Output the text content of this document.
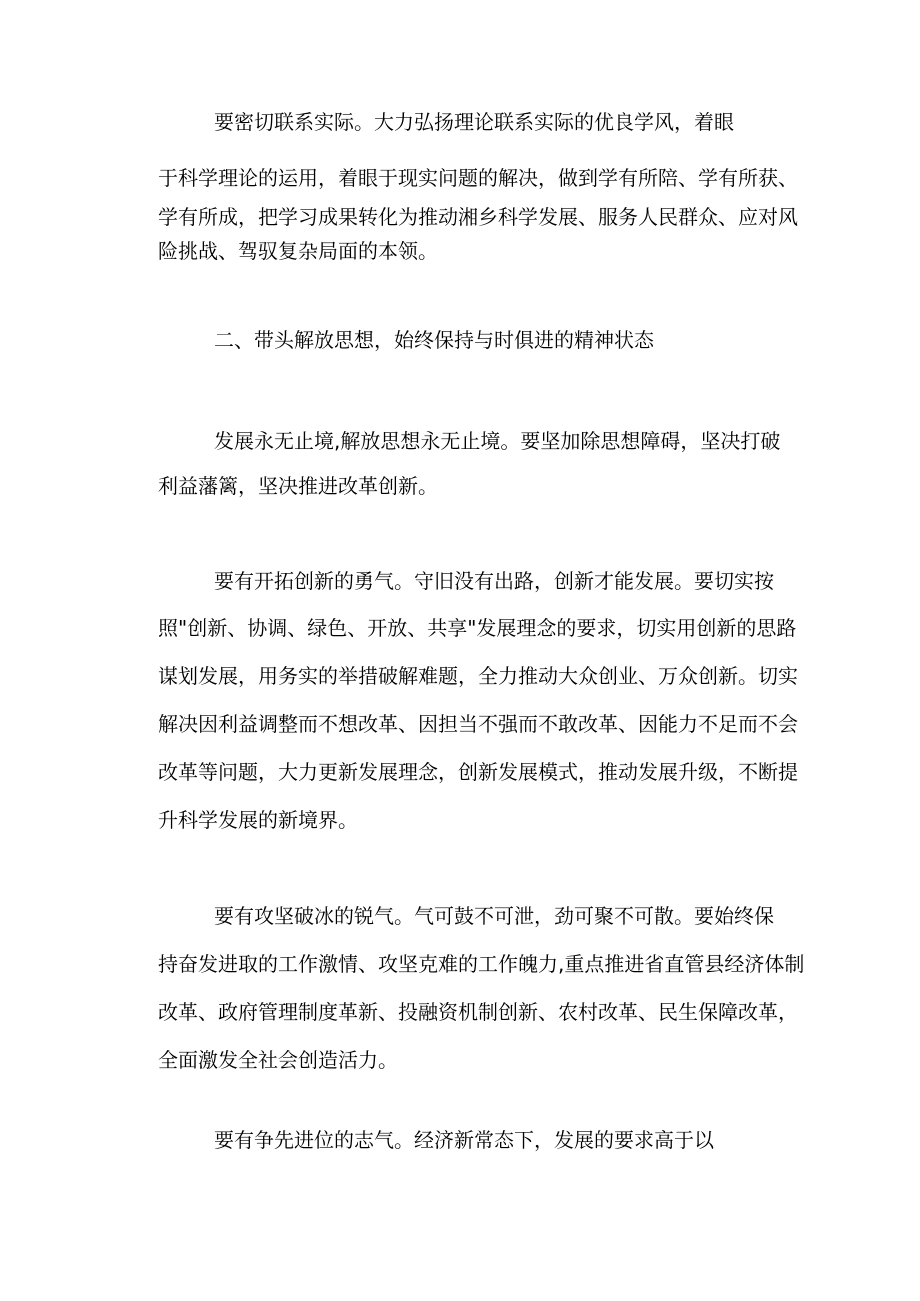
要密切联系实际。大力弘扬理论联系实际的优良学风，着眼
于科学理论的运用，着眼于现实问题的解决，做到学有所陪、学有所获、
学有所成，把学习成果转化为推动湘乡科学发展、服务人民群众、应对风
险挑战、驾驭复杂局面的本领。
二、带头解放思想，始终保持与时俱进的精神状态
发展永无止境,解放思想永无止境。要坚加除思想障碍，坚决打破
利益藩篱，坚决推进改革创新。
要有开拓创新的勇气。守旧没有出路，创新才能发展。要切实按
照"创新、协调、绿色、开放、共享"发展理念的要求，切实用创新的思路
谋划发展，用务实的举措破解难题，全力推动大众创业、万众创新。切实
解决因利益调整而不想改革、因担当不强而不敢改革、因能力不足而不会
改革等问题，大力更新发展理念，创新发展模式，推动发展升级，不断提
升科学发展的新境界。
要有攻坚破冰的锐气。气可鼓不可泄，劲可聚不可散。要始终保
持奋发进取的工作激情、攻坚克难的工作魄力,重点推进省直管县经济体制
改革、政府管理制度革新、投融资机制创新、农村改革、民生保障改革，
全面激发全社会创造活力。
要有争先进位的志气。经济新常态下，发展的要求高于以
